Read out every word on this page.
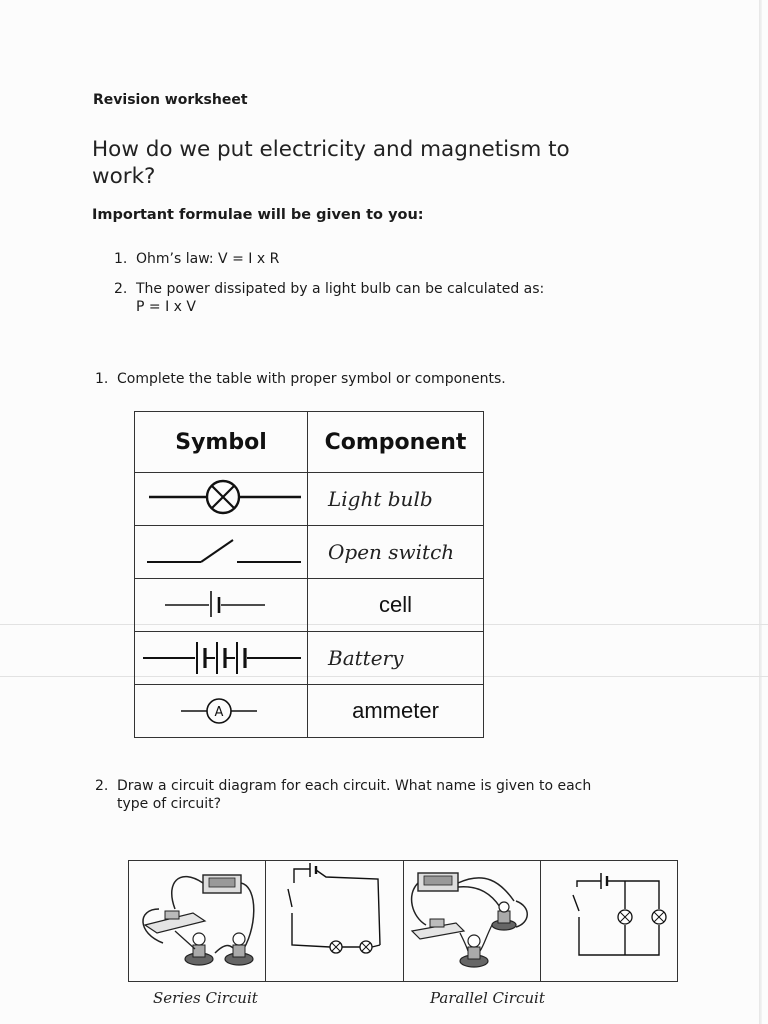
Revision worksheet
How do we put electricity and magnetism to work?
Important formulae will be given to you:
1. Ohm’s law: V = I x R
2. The power dissipated by a light bulb can be calculated as:
P = I x V
1. Complete the table with proper symbol or components.
Symbol	Component
	Light bulb
	Open switch
	cell
	Battery

A	ammeter
2. Draw a circuit diagram for each circuit. What name is given to each
type of circuit?
Series Circuit	Parallel Circuit
